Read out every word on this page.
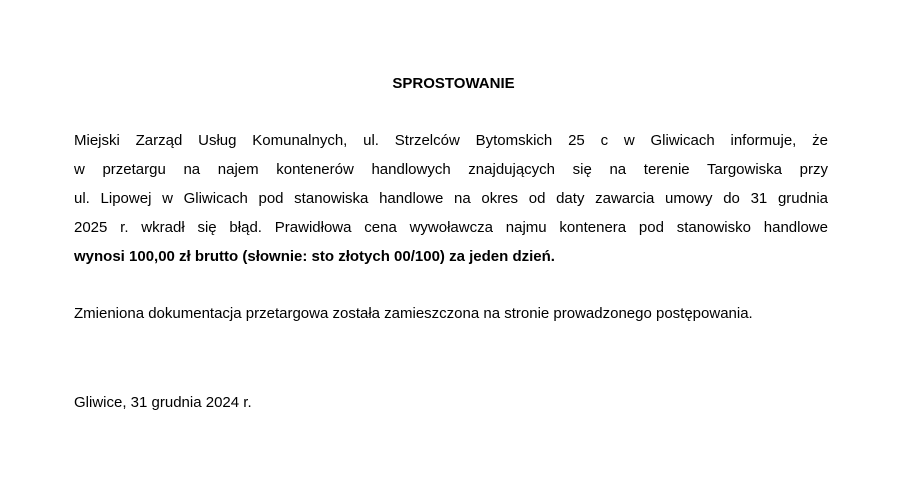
SPROSTOWANIE
Miejski Zarząd Usług Komunalnych, ul. Strzelców Bytomskich 25 c w Gliwicach informuje, że
w przetargu na najem kontenerów handlowych znajdujących się na terenie Targowiska przy
ul. Lipowej w Gliwicach pod stanowiska handlowe na okres od daty zawarcia umowy do 31 grudnia
2025 r. wkradł się błąd. Prawidłowa cena wywoławcza najmu kontenera pod stanowisko handlowe
wynosi 100,00 zł brutto (słownie: sto złotych 00/100) za jeden dzień.
Zmieniona dokumentacja przetargowa została zamieszczona na stronie prowadzonego postępowania.
Gliwice, 31 grudnia 2024 r.
